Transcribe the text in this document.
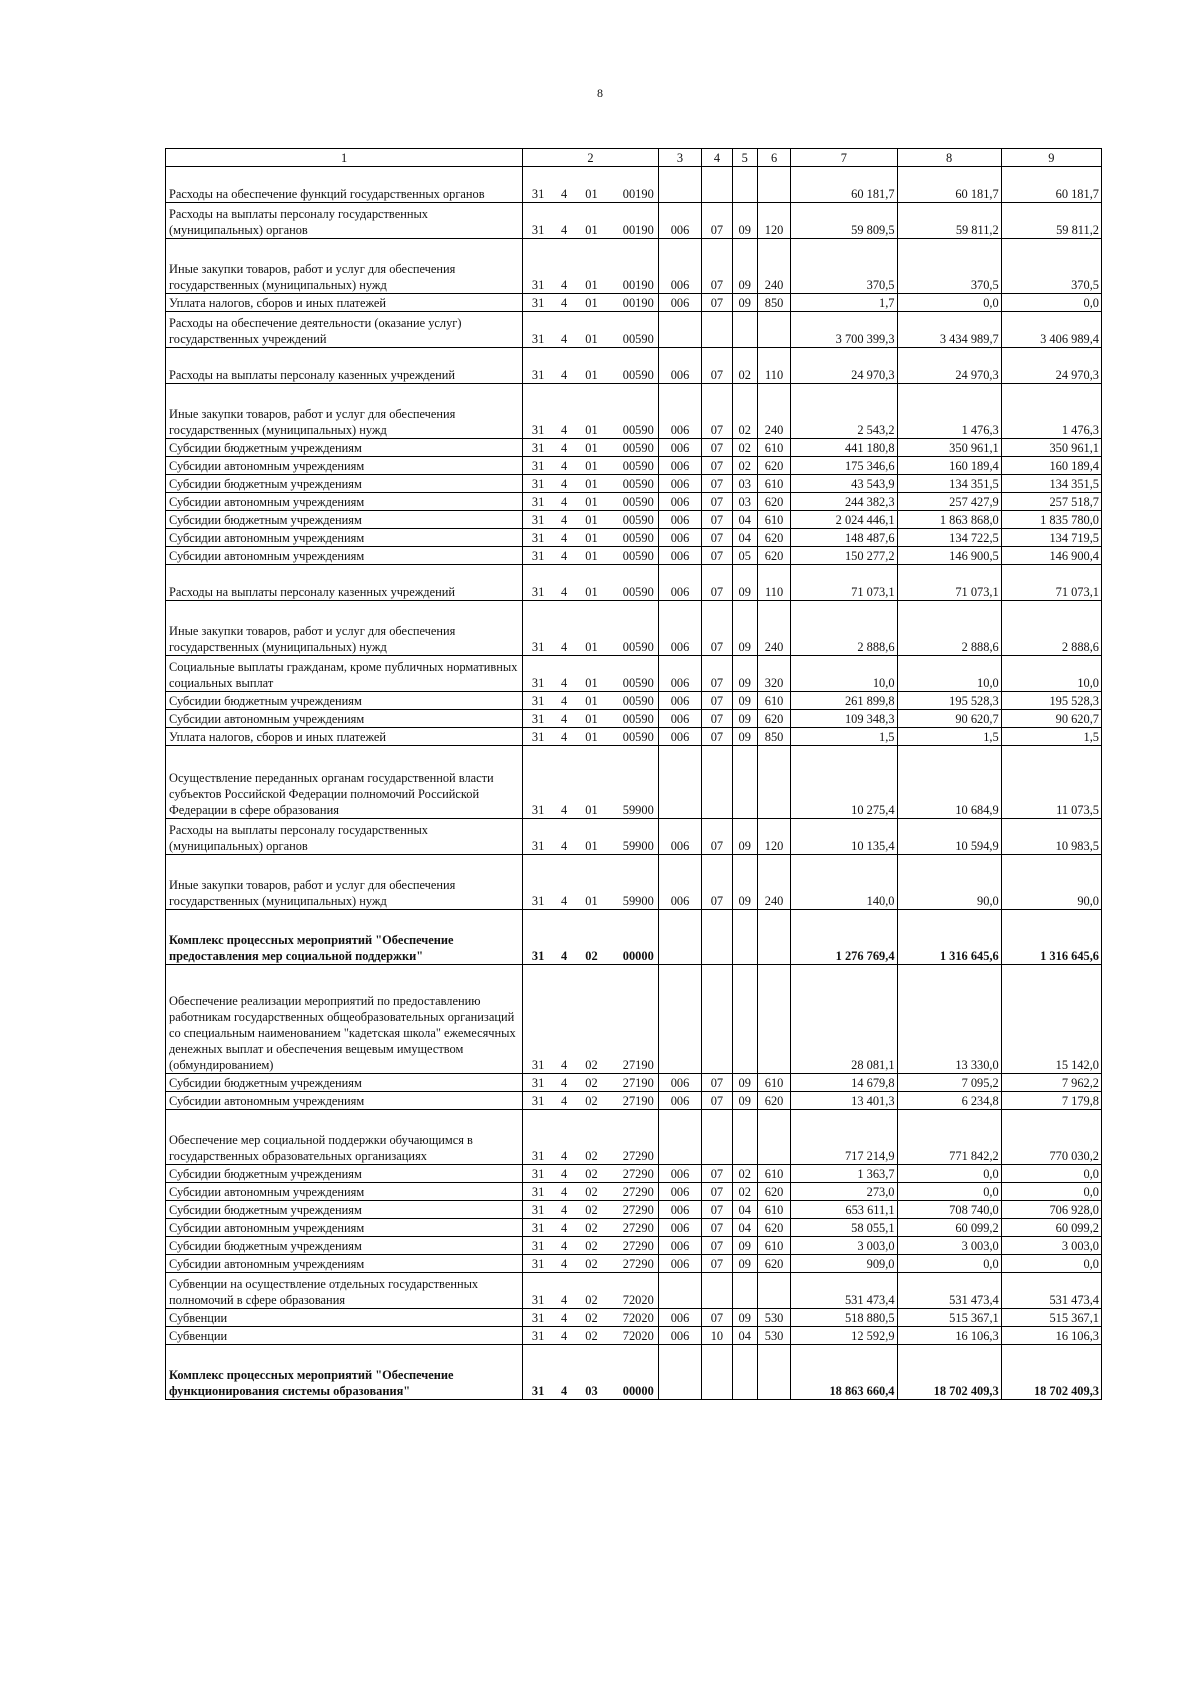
8
1	2				3	4	5	6	7	8	9
Расходы на обеспечение функций государственных органов	31	4	01	00190					60 181,7	60 181,7	60 181,7
Расходы на выплаты персоналу государственных (муниципальных) органов	31	4	01	00190	006	07	09	120	59 809,5	59 811,2	59 811,2
Иные закупки товаров, работ и услуг для обеспечения государственных (муниципальных) нужд	31	4	01	00190	006	07	09	240	370,5	370,5	370,5
Уплата налогов, сборов и иных платежей	31	4	01	00190	006	07	09	850	1,7	0,0	0,0
Расходы на обеспечение деятельности (оказание услуг) государственных учреждений	31	4	01	00590					3 700 399,3	3 434 989,7	3 406 989,4
Расходы на выплаты персоналу казенных учреждений	31	4	01	00590	006	07	02	110	24 970,3	24 970,3	24 970,3
Иные закупки товаров, работ и услуг для обеспечения государственных (муниципальных) нужд	31	4	01	00590	006	07	02	240	2 543,2	1 476,3	1 476,3
Субсидии бюджетным учреждениям	31	4	01	00590	006	07	02	610	441 180,8	350 961,1	350 961,1
Субсидии автономным учреждениям	31	4	01	00590	006	07	02	620	175 346,6	160 189,4	160 189,4
Субсидии бюджетным учреждениям	31	4	01	00590	006	07	03	610	43 543,9	134 351,5	134 351,5
Субсидии автономным учреждениям	31	4	01	00590	006	07	03	620	244 382,3	257 427,9	257 518,7
Субсидии бюджетным учреждениям	31	4	01	00590	006	07	04	610	2 024 446,1	1 863 868,0	1 835 780,0
Субсидии автономным учреждениям	31	4	01	00590	006	07	04	620	148 487,6	134 722,5	134 719,5
Субсидии автономным учреждениям	31	4	01	00590	006	07	05	620	150 277,2	146 900,5	146 900,4
Расходы на выплаты персоналу казенных учреждений	31	4	01	00590	006	07	09	110	71 073,1	71 073,1	71 073,1
Иные закупки товаров, работ и услуг для обеспечения государственных (муниципальных) нужд	31	4	01	00590	006	07	09	240	2 888,6	2 888,6	2 888,6
Социальные выплаты гражданам, кроме публичных нормативных социальных выплат	31	4	01	00590	006	07	09	320	10,0	10,0	10,0
Субсидии бюджетным учреждениям	31	4	01	00590	006	07	09	610	261 899,8	195 528,3	195 528,3
Субсидии автономным учреждениям	31	4	01	00590	006	07	09	620	109 348,3	90 620,7	90 620,7
Уплата налогов, сборов и иных платежей	31	4	01	00590	006	07	09	850	1,5	1,5	1,5
Осуществление переданных органам государственной власти субъектов Российской Федерации полномочий Российской Федерации в сфере образования	31	4	01	59900					10 275,4	10 684,9	11 073,5
Расходы на выплаты персоналу государственных (муниципальных) органов	31	4	01	59900	006	07	09	120	10 135,4	10 594,9	10 983,5
Иные закупки товаров, работ и услуг для обеспечения государственных (муниципальных) нужд	31	4	01	59900	006	07	09	240	140,0	90,0	90,0
Комплекс процессных мероприятий "Обеспечение предоставления мер социальной поддержки"	31	4	02	00000					1 276 769,4	1 316 645,6	1 316 645,6
Обеспечение реализации мероприятий по предоставлению работникам государственных общеобразовательных организаций со специальным наименованием "кадетская школа" ежемесячных денежных выплат и обеспечения вещевым имуществом (обмундированием)	31	4	02	27190					28 081,1	13 330,0	15 142,0
Субсидии бюджетным учреждениям	31	4	02	27190	006	07	09	610	14 679,8	7 095,2	7 962,2
Субсидии автономным учреждениям	31	4	02	27190	006	07	09	620	13 401,3	6 234,8	7 179,8
Обеспечение мер социальной поддержки обучающимся в государственных образовательных организациях	31	4	02	27290					717 214,9	771 842,2	770 030,2
Субсидии бюджетным учреждениям	31	4	02	27290	006	07	02	610	1 363,7	0,0	0,0
Субсидии автономным учреждениям	31	4	02	27290	006	07	02	620	273,0	0,0	0,0
Субсидии бюджетным учреждениям	31	4	02	27290	006	07	04	610	653 611,1	708 740,0	706 928,0
Субсидии автономным учреждениям	31	4	02	27290	006	07	04	620	58 055,1	60 099,2	60 099,2
Субсидии бюджетным учреждениям	31	4	02	27290	006	07	09	610	3 003,0	3 003,0	3 003,0
Субсидии автономным учреждениям	31	4	02	27290	006	07	09	620	909,0	0,0	0,0
Субвенции на осуществление отдельных государственных полномочий в сфере образования	31	4	02	72020					531 473,4	531 473,4	531 473,4
Субвенции	31	4	02	72020	006	07	09	530	518 880,5	515 367,1	515 367,1
Субвенции	31	4	02	72020	006	10	04	530	12 592,9	16 106,3	16 106,3
Комплекс процессных мероприятий "Обеспечение функционирования системы образования"	31	4	03	00000					18 863 660,4	18 702 409,3	18 702 409,3
